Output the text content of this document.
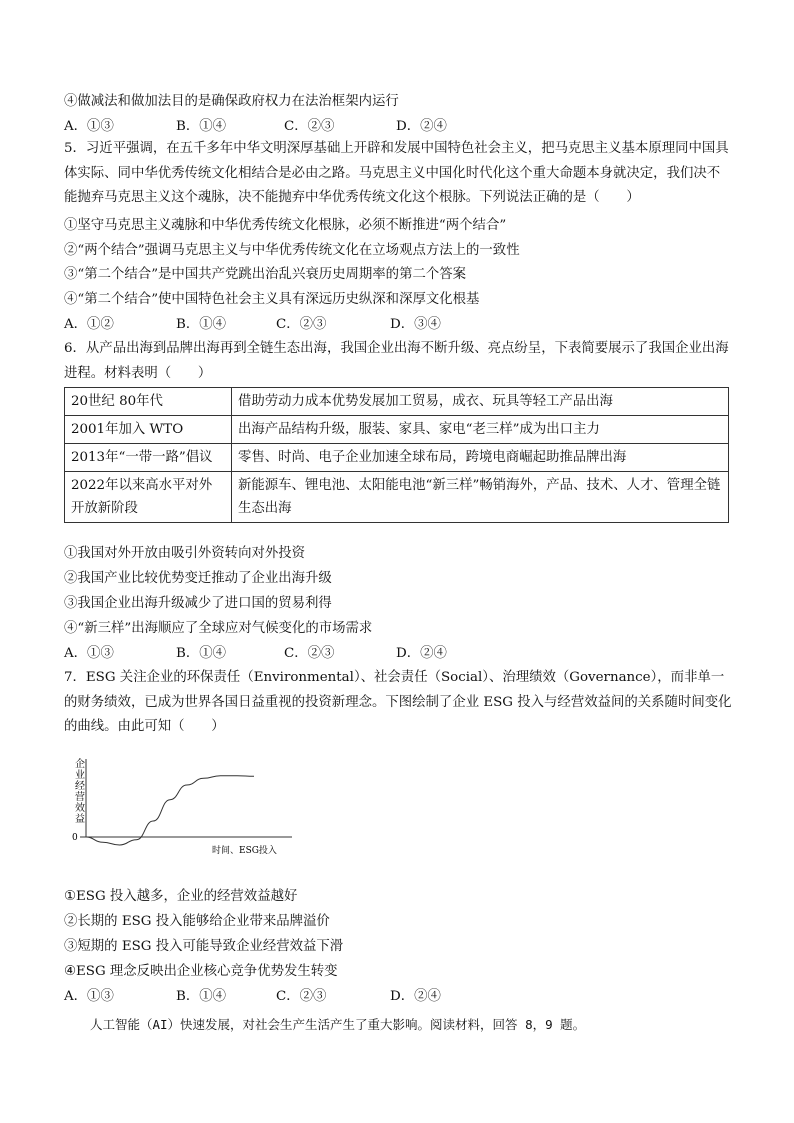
④做减法和做加法目的是确保政府权力在法治框架内运行
A．①③	B．①④	C．②③	D．②④
5．习近平强调，在五千多年中华文明深厚基础上开辟和发展中国特色社会主义，把马克思主义基本原理同中国具体实际、同中华优秀传统文化相结合是必由之路。马克思主义中国化时代化这个重大命题本身就决定，我们决不能抛弃马克思主义这个魂脉，决不能抛弃中华优秀传统文化这个根脉。下列说法正确的是（　　）
①坚守马克思主义魂脉和中华优秀传统文化根脉，必须不断推进“两个结合”
②“两个结合”强调马克思主义与中华优秀传统文化在立场观点方法上的一致性
③“第二个结合”是中国共产党跳出治乱兴衰历史周期率的第二个答案
④“第二个结合”使中国特色社会主义具有深远历史纵深和深厚文化根基
A．①②	B．①④	C．②③	D．③④
6．从产品出海到品牌出海再到全链生态出海，我国企业出海不断升级、亮点纷呈，下表简要展示了我国企业出海进程。材料表明（　　）
20世纪 80年代	借助劳动力成本优势发展加工贸易，成衣、玩具等轻工产品出海
2001年加入 WTO	出海产品结构升级，服装、家具、家电“老三样”成为出口主力
2013年“一带一路”倡议	零售、时尚、电子企业加速全球布局，跨境电商崛起助推品牌出海
2022年以来高水平对外开放新阶段	新能源车、锂电池、太阳能电池“新三样”畅销海外，产品、技术、人才、管理全链生态出海
①我国对外开放由吸引外资转向对外投资
②我国产业比较优势变迁推动了企业出海升级
③我国企业出海升级减少了进口国的贸易利得
④“新三样”出海顺应了全球应对气候变化的市场需求
A．①③	B．①④	C．②③	D．②④
7．ESG 关注企业的环保责任（Environmental）、社会责任（Social）、治理绩效（Governance），而非单一的财务绩效，已成为世界各国日益重视的投资新理念。下图绘制了企业 ESG 投入与经营效益间的关系随时间变化的曲线。由此可知（　　）
企业经营效益
0
时间、ESG投入
①ESG 投入越多，企业的经营效益越好
②长期的 ESG 投入能够给企业带来品牌溢价
③短期的 ESG 投入可能导致企业经营效益下滑
④ESG 理念反映出企业核心竞争优势发生转变
A．①③	B．①④	C．②③	D．②④
人工智能（AI）快速发展，对社会生产生活产生了重大影响。阅读材料，回答 8，9 题。
